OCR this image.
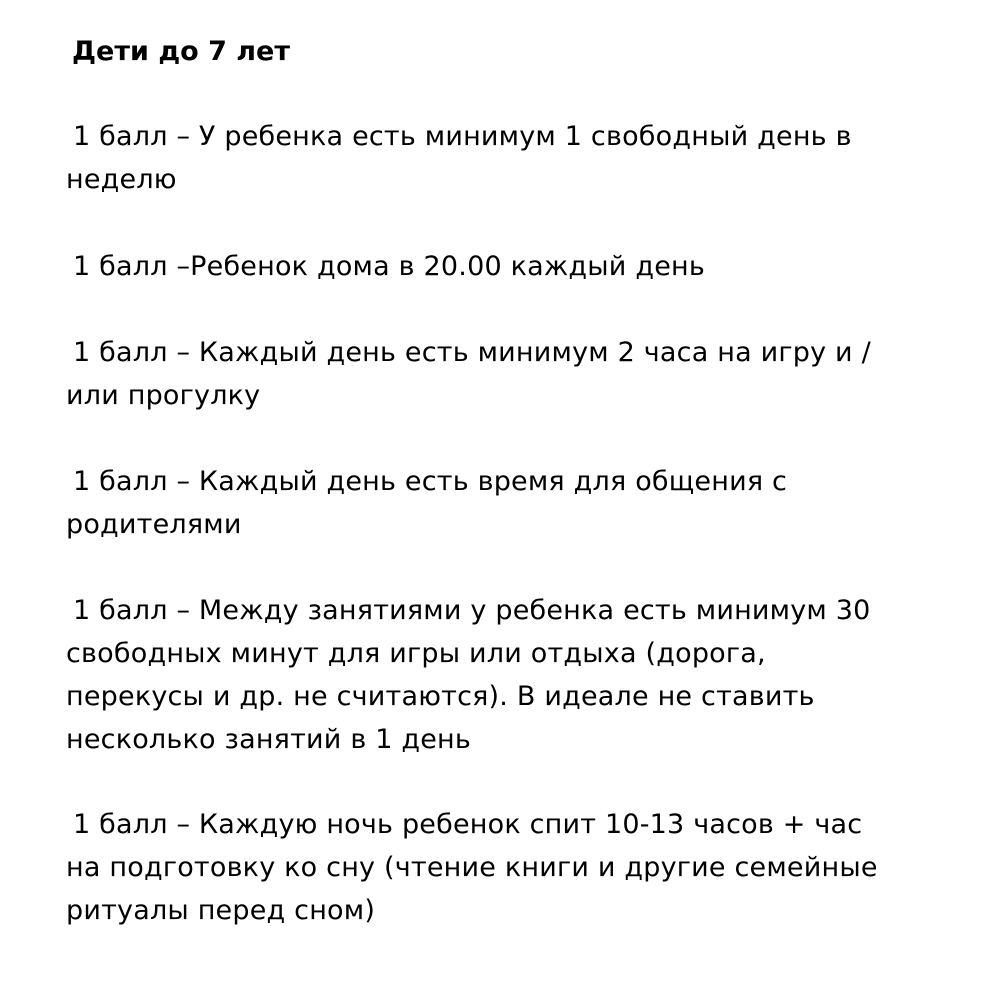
Дети до 7 лет

1 балл – У ребенка есть минимум 1 свободный день в
неделю

1 балл –Ребенок дома в 20.00 каждый день

1 балл – Каждый день есть минимум 2 часа на игру и /
или прогулку

1 балл – Каждый день есть время для общения с
родителями

1 балл – Между занятиями у ребенка есть минимум 30
свободных минут для игры или отдыха (дорога,
перекусы и др. не считаются). В идеале не ставить
несколько занятий в 1 день

1 балл – Каждую ночь ребенок спит 10-13 часов + час
на подготовку ко сну (чтение книги и другие семейные
ритуалы перед сном)
